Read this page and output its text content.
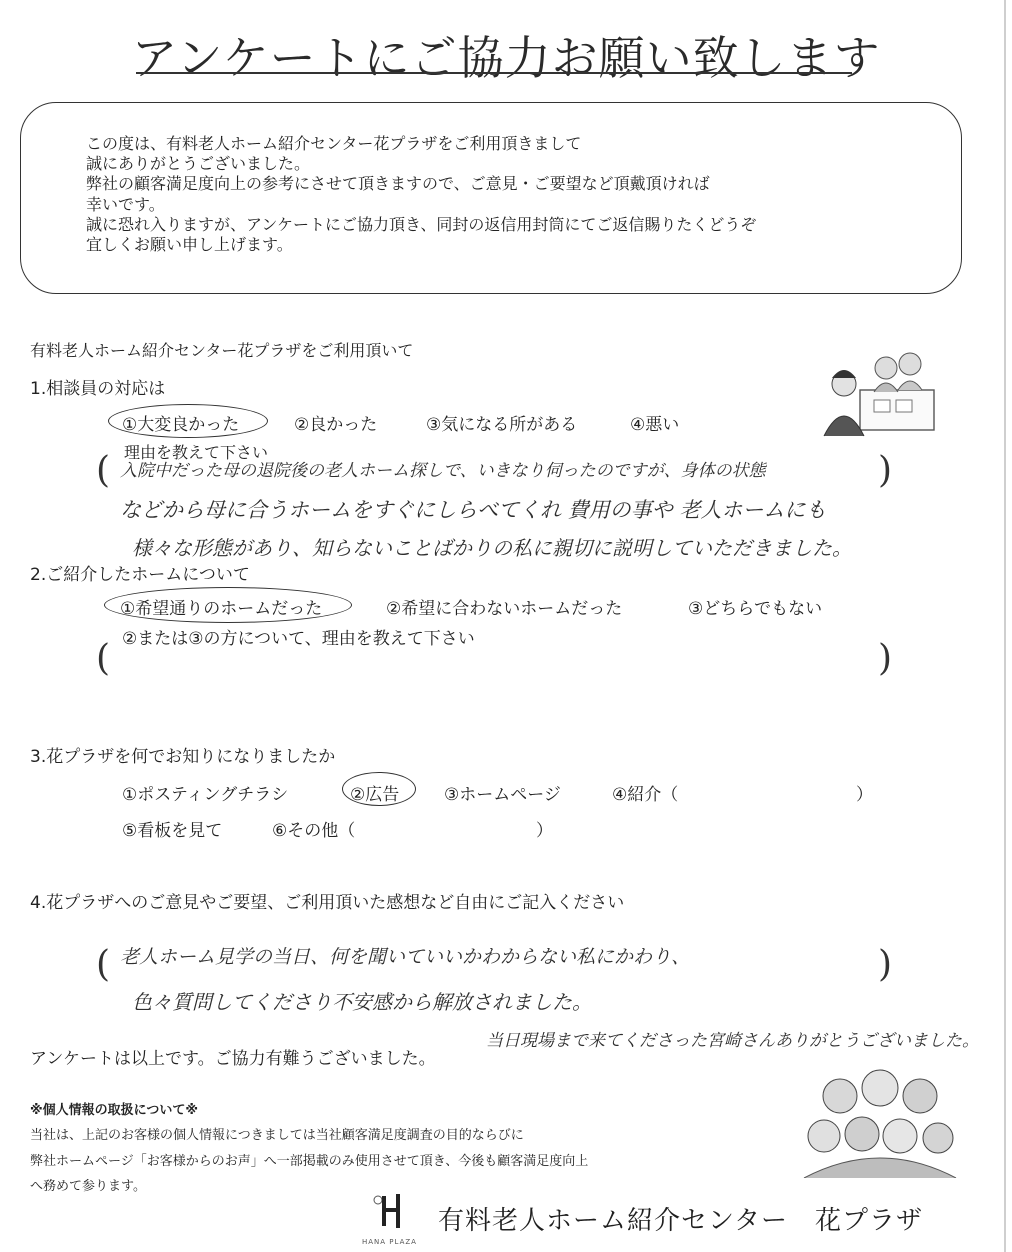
アンケートにご協力お願い致します
この度は、有料老人ホーム紹介センター花プラザをご利用頂きまして
誠にありがとうございました。
弊社の顧客満足度向上の参考にさせて頂きますので、ご意見・ご要望など頂戴頂ければ
幸いです。
誠に恐れ入りますが、アンケートにご協力頂き、同封の返信用封筒にてご返信賜りたくどうぞ
宜しくお願い申し上げます。
有料老人ホーム紹介センター花プラザをご利用頂いて
1.相談員の対応は
①大変良かった	②良かった	③気になる所がある	④悪い
理由を教えて下さい
(	)
入院中だった母の退院後の老人ホーム探しで、いきなり伺ったのですが、身体の状態
などから母に合うホームをすぐにしらべてくれ 費用の事や 老人ホームにも
様々な形態があり、知らないことばかりの私に親切に説明していただきました。
2.ご紹介したホームについて
①希望通りのホームだった	②希望に合わないホームだった	③どちらでもない
②または③の方について、理由を教えて下さい
(	)
3.花プラザを何でお知りになりましたか
①ポスティングチラシ	②広告	③ホームページ	④紹介（	）
⑤看板を見て	⑥その他（	）
4.花プラザへのご意見やご要望、ご利用頂いた感想など自由にご記入ください
(	)
老人ホーム見学の当日、何を聞いていいかわからない私にかわり、
色々質問してくださり不安感から解放されました。
当日現場まで来てくださった宮崎さんありがとうございました。
アンケートは以上です。ご協力有難うございました。
※個人情報の取扱について※
当社は、上記のお客様の個人情報につきましては当社顧客満足度調査の目的ならびに
弊社ホームページ「お客様からのお声」へ一部掲載のみ使用させて頂き、今後も顧客満足度向上
へ務めて参ります。
HANA PLAZA
有料老人ホーム紹介センター　花プラザ
